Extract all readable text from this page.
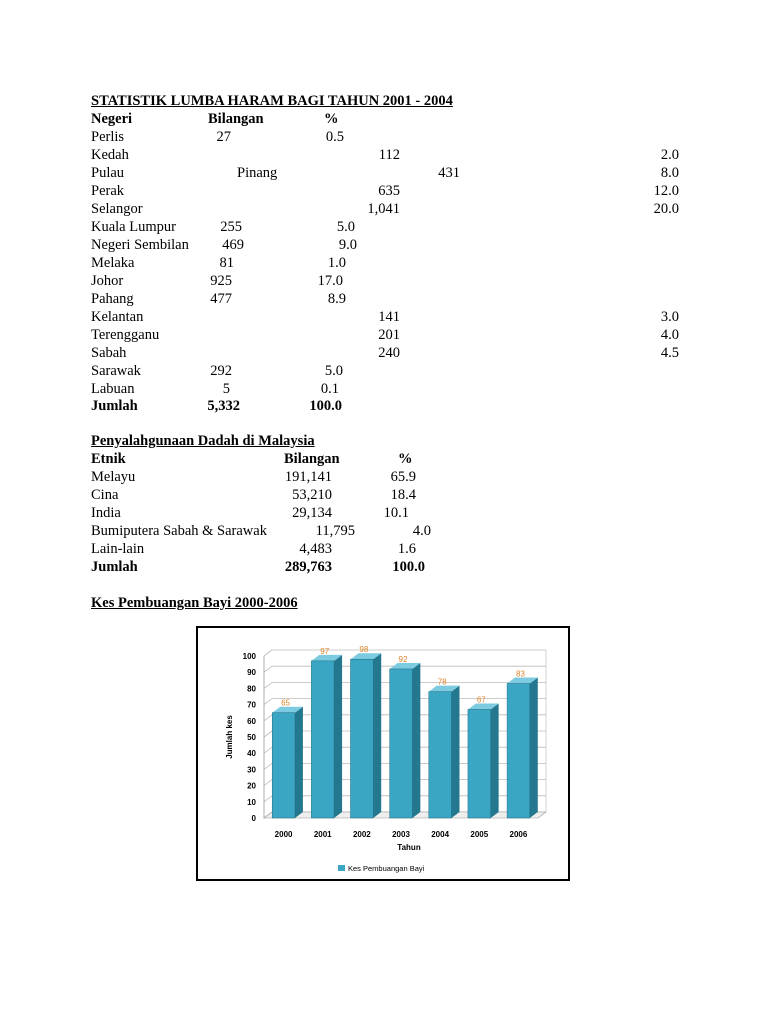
STATISTIK LUMBA HARAM BAGI TAHUN 2001 - 2004
Negeri	Bilangan	%
Perlis	27	0.5
Kedah	112	2.0
Pulau	Pinang	431	8.0
Perak	635	12.0
Selangor	1,041	20.0
Kuala Lumpur	255	5.0
Negeri Sembilan	469	9.0
Melaka	81	1.0
Johor	925	17.0
Pahang	477	8.9
Kelantan	141	3.0
Terengganu	201	4.0
Sabah	240	4.5
Sarawak	292	5.0
Labuan	5	0.1
Jumlah	5,332	100.0
Penyalahgunaan Dadah di Malaysia
Etnik	Bilangan	%
Melayu	191,141	65.9
Cina	53,210	18.4
India	29,134	10.1
Bumiputera Sabah & Sarawak	11,795	4.0
Lain-lain	4,483	1.6
Jumlah	289,763	100.0
Kes Pembuangan Bayi 2000-2006
0
10
20
30
40
50
60
70
80
90
100
65
2000
97
2001
98
2002
92
2003
78
2004
67
2005
83
2006
Tahun
Jumlah kes
Kes Pembuangan Bayi
